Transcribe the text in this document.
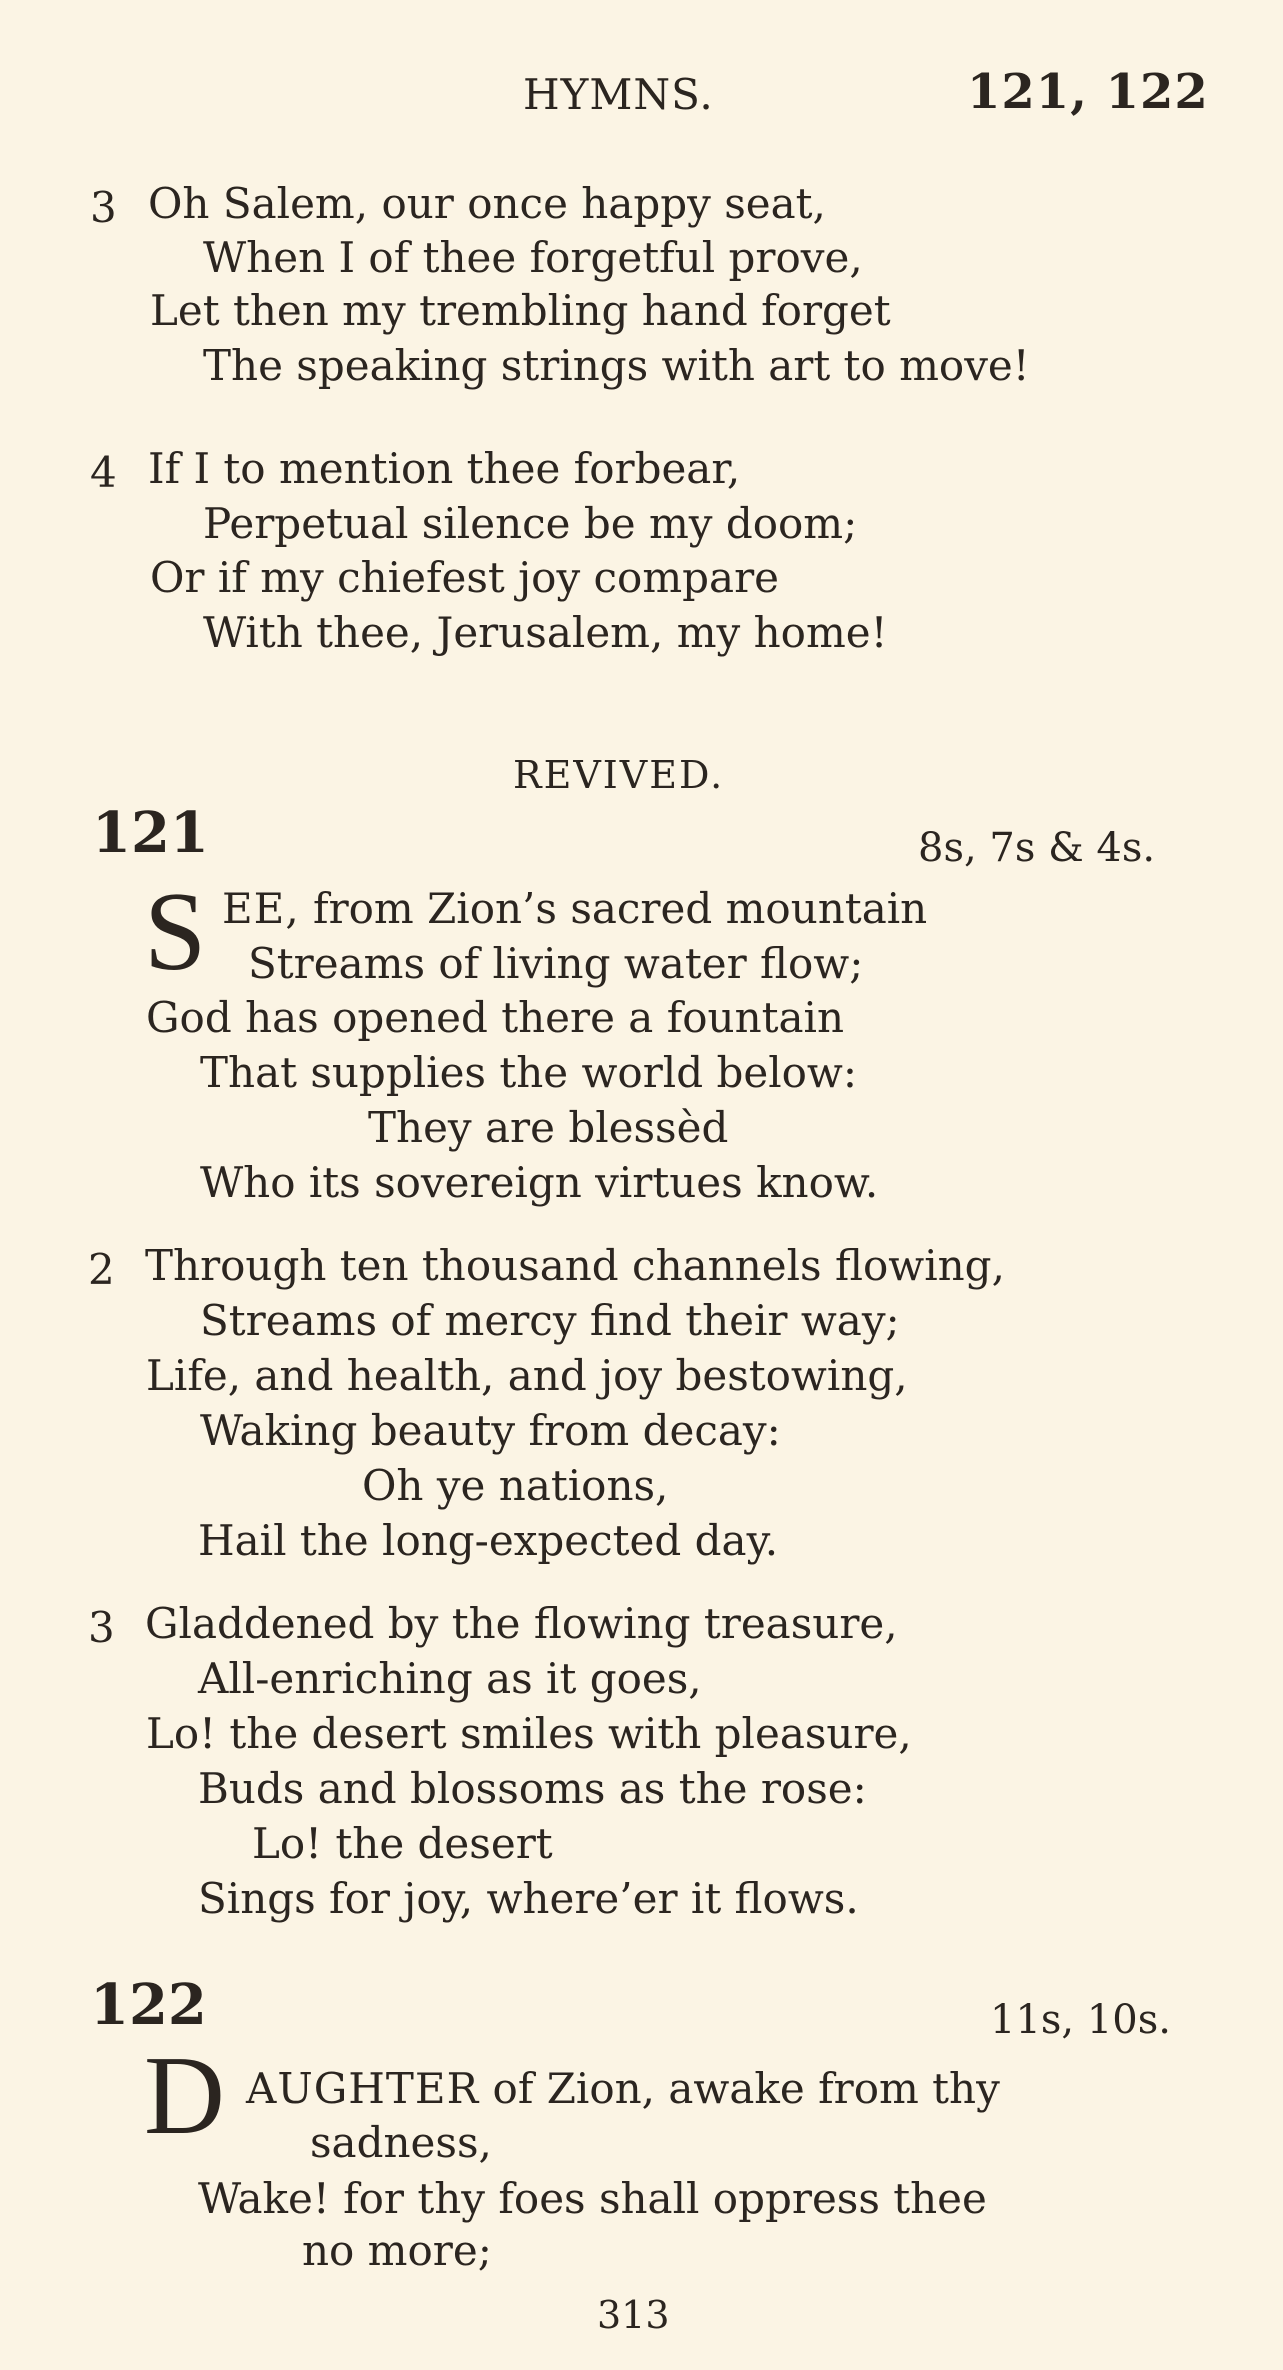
HYMNS.	121, 122
3 Oh Salem, our once happy seat,
When I of thee forgetful prove,
Let then my trembling hand forget
The speaking strings with art to move!
4 If I to mention thee forbear,
Perpetual silence be my doom;
Or if my chiefest joy compare
With thee, Jerusalem, my home!
REVIVED.
121	8s, 7s & 4s.
S EE, from Zion’s sacred mountain
Streams of living water flow;
God has opened there a fountain
That supplies the world below:
They are blessèd
Who its sovereign virtues know.
2 Through ten thousand channels flowing,
Streams of mercy find their way;
Life, and health, and joy bestowing,
Waking beauty from decay:
Oh ye nations,
Hail the long-expected day.
3 Gladdened by the flowing treasure,
All-enriching as it goes,
Lo! the desert smiles with pleasure,
Buds and blossoms as the rose:
Lo! the desert
Sings for joy, where’er it flows.
122	11s, 10s.
D AUGHTER of Zion, awake from thy
sadness,
Wake! for thy foes shall oppress thee
no more;
313
